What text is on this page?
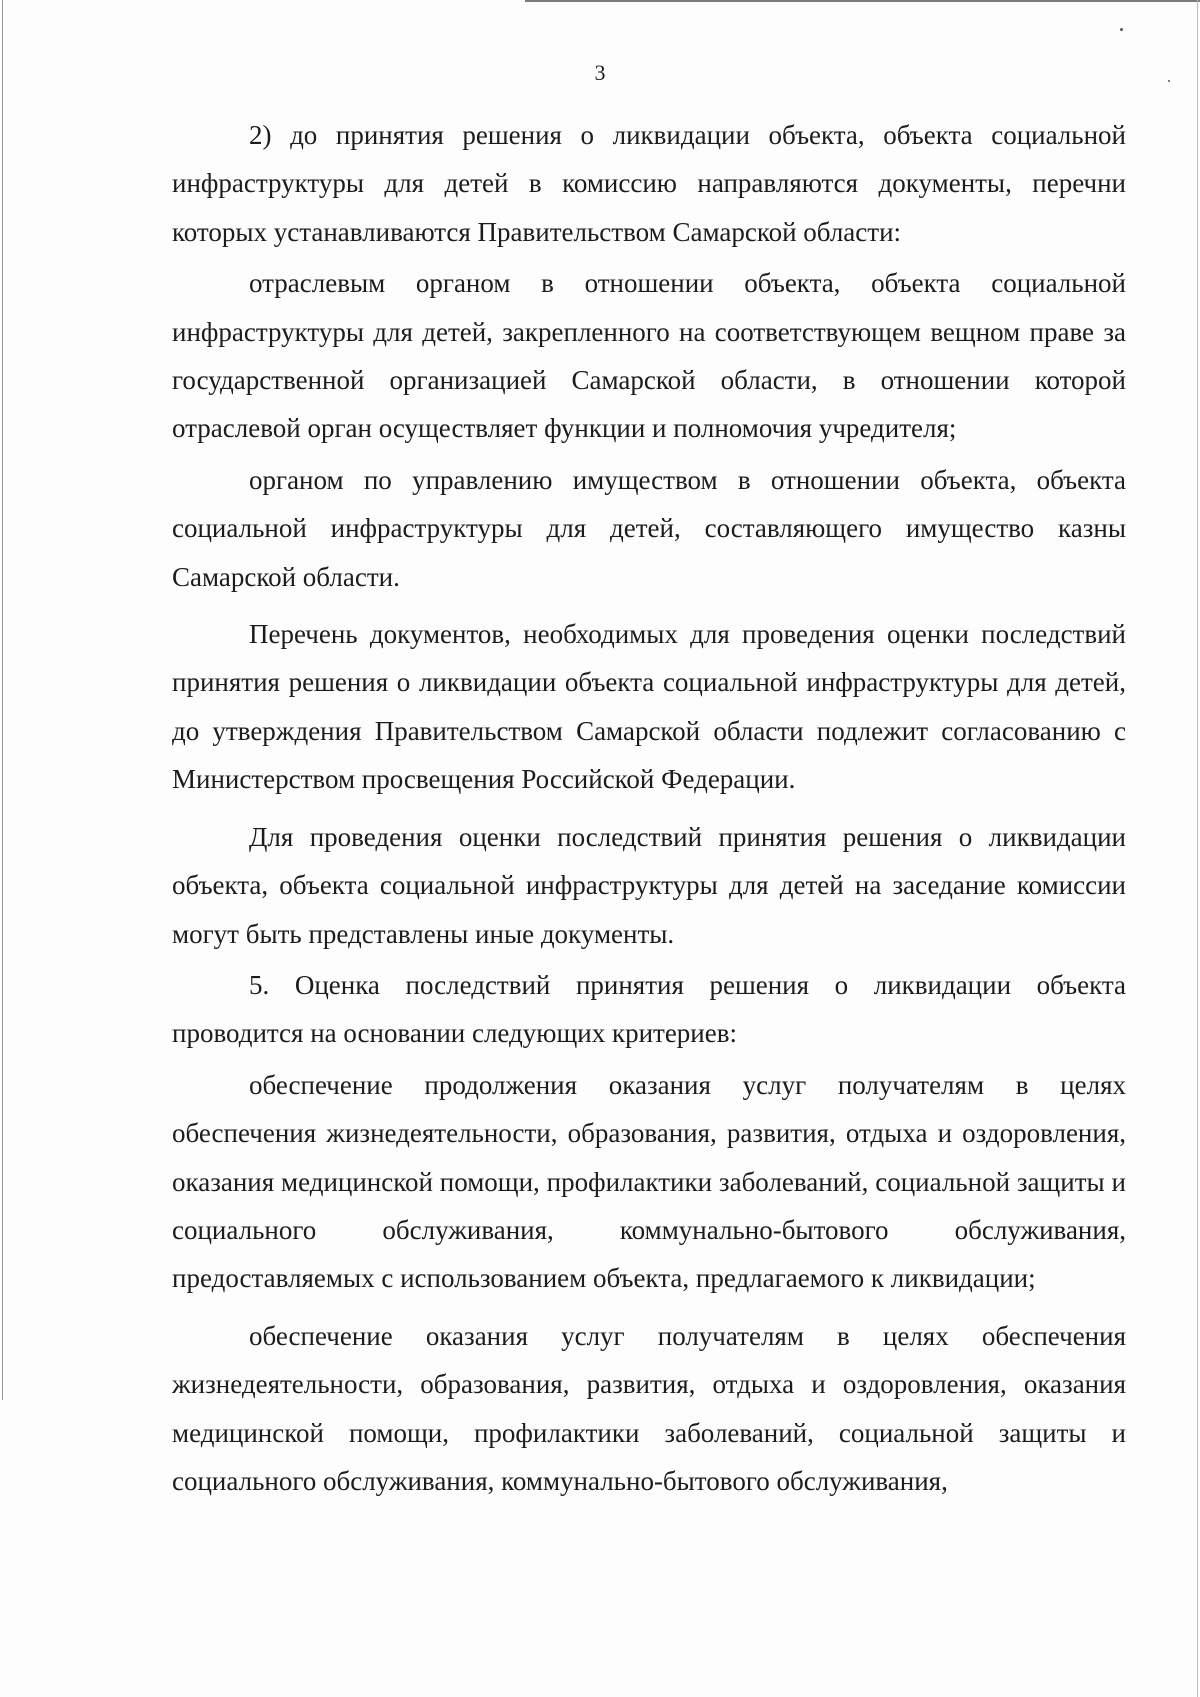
3

2) до принятия решения о ликвидации объекта, объекта социальной инфраструктуры для детей в комиссию направляются документы, перечни которых устанавливаются Правительством Самарской области:

отраслевым органом в отношении объекта, объекта социальной инфраструктуры для детей, закрепленного на соответствующем вещном праве за государственной организацией Самарской области, в отношении которой отраслевой орган осуществляет функции и полномочия учредителя;

органом по управлению имуществом в отношении объекта, объекта социальной инфраструктуры для детей, составляющего имущество казны Самарской области.

Перечень документов, необходимых для проведения оценки последствий принятия решения о ликвидации объекта социальной инфраструктуры для детей, до утверждения Правительством Самарской области подлежит согласованию с Министерством просвещения Российской Федерации.

Для проведения оценки последствий принятия решения о ликвидации объекта, объекта социальной инфраструктуры для детей на заседание комиссии могут быть представлены иные документы.

5. Оценка последствий принятия решения о ликвидации объекта проводится на основании следующих критериев:

обеспечение продолжения оказания услуг получателям в целях обеспечения жизнедеятельности, образования, развития, отдыха и оздоровления, оказания медицинской помощи, профилактики заболеваний, социальной защиты и социального обслуживания, коммунально-бытового обслуживания, предоставляемых с использованием объекта, предлагаемого к ликвидации;

обеспечение оказания услуг получателям в целях обеспечения жизнедеятельности, образования, развития, отдыха и оздоровления, оказания медицинской помощи, профилактики заболеваний, социальной защиты и социального обслуживания, коммунально-бытового обслуживания,
